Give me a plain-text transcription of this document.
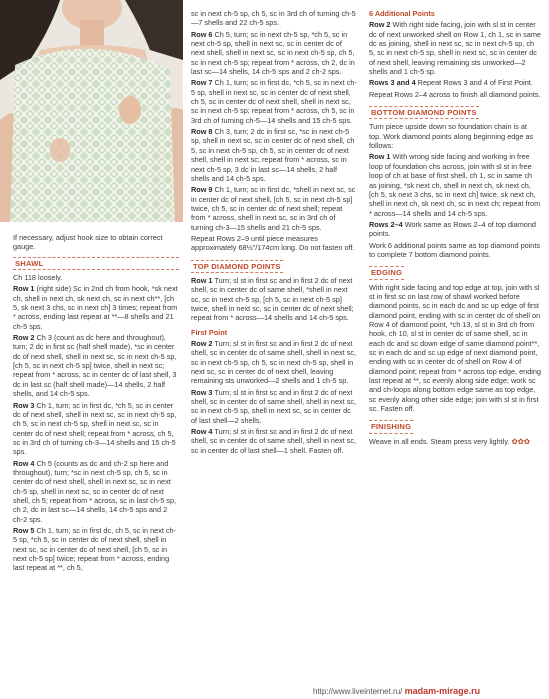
If necessary, adjust hook size to obtain correct gauge.

SHAWL

Ch 118 loosely.

Row 1 (right side) Sc in 2nd ch from hook, *sk next ch, shell in next ch, sk next ch, sc in next ch**, [ch 5, sk next 3 chs, sc in next ch] 3 times; repeat from * across, ending last repeat at **—8 shells and 21 ch-5 sps.

Row 2 Ch 3 (count as dc here and throughout), turn; 2 dc in first sc (half shell made), *sc in center dc of next shell, shell in next sc, sc in next ch-5 sp, [ch 5, sc in next ch-5 sp] twice, shell in next sc; repeat from * across, sc in center dc of last shell, 3 dc in last sc (half shell made)—14 shells, 2 half shells, and 14 ch-5 sps.

Row 3 Ch 1, turn; sc in first dc, *ch 5, sc in center dc of next shell, shell in next sc, sc in next ch-5 sp, ch 5, sc in next ch-5 sp, shell in next sc, sc in center dc of next shell; repeat from * across, ch 5, sc in 3rd ch of turning ch-3—14 shells and 15 ch-5 sps.

Row 4 Ch 5 (counts as dc and ch-2 sp here and throughout), turn; *sc in next ch-5 sp, ch 5, sc in center dc of next shell, shell in next sc, sc in next ch-5 sp, shell in next sc, sc in center dc of next shell, ch 5; repeat from * across, sc in last ch-5 sp, ch 2, dc in last sc—14 shells, 14 ch-5 sps and 2 ch-2 sps.

Row 5 Ch 1, turn; sc in first dc, ch 5, sc in next ch-5 sp, *ch 5, sc in center dc of next shell, shell in next sc, sc in center dc of next shell, [ch 5, sc in next ch-5 sp] twice; repeat from * across, ending last repeat at **, ch 5,

sc in next ch-5 sp, ch 5, sc in 3rd ch of turning ch-5—7 shells and 22 ch-5 sps.

Row 6 Ch 5, turn; sc in next ch-5 sp, *ch 5, sc in next ch-5 sp, shell in next sc, sc in center dc of next shell, shell in next sc, sc in next ch-5 sp, ch 5, sc in next ch-5 sp; repeat from * across, ch 2, dc in last sc—14 shells, 14 ch-5 sps and 2 ch-2 sps.

Row 7 Ch 1, turn; sc in first dc, *ch 5, sc in next ch-5 sp, shell in next sc, sc in center dc of next shell, ch 5, sc in center dc of next shell, shell in next sc, sc in next ch-5 sp; repeat from * across, ch 5, sc in 3rd ch of turning ch-5—14 shells and 15 ch-5 sps.

Row 8 Ch 3, turn; 2 dc in first sc, *sc in next ch-5 sp, shell in next sc, sc in center dc of next shell, ch 5, sc in next ch-5 sp, ch 5, sc in center dc of next shell, shell in next sc; repeat from * across, sc in next ch-5 sp, 3 dc in last sc—14 shells, 2 half shells and 14 ch-5 sps.

Row 9 Ch 1, turn; sc in first dc, *shell in next sc, sc in center dc of next shell, [ch 5, sc in next ch-5 sp] twice, ch 5, sc in center dc of next shell; repeat from * across, shell in next sc, sc in 3rd ch of turning ch-3—15 shells and 21 ch-5 sps.

Repeat Rows 2–9 until piece measures approximately 68½"/174cm long. Do not fasten off.

TOP DIAMOND POINTS

Row 1 Turn; sl st in first sc and in first 2 dc of next shell, sc in center dc of same shell, *shell in next sc, sc in next ch-5 sp, [ch 5, sc in next ch-5 sp] twice, shell in next sc, sc in center dc of next shell; repeat from * across—14 shells and 14 ch-5 sps.

First Point

Row 2 Turn; sl st in first sc and in first 2 dc of next shell, sc in center dc of same shell, shell in next sc, sc in next ch-5 sp, ch 5, sc in next ch-5 sp, shell in next sc, sc in center dc of next shell, leaving remaining sts unworked—2 shells and 1 ch-5 sp.

Row 3 Turn; sl st in first sc and in first 2 dc of next shell, sc in center dc of same shell, shell in next sc, sc in next ch-5 sp, shell in next sc, sc in center dc of last shell—2 shells.

Row 4 Turn; sl st in first sc and in first 2 dc of next shell, sc in center dc of same shell, shell in next sc, sc in center dc of last shell—1 shell. Fasten off.

6 Additional Points

Row 2 With right side facing, join with sl st in center dc of next unworked shell on Row 1, ch 1, sc in same dc as joining, shell in next sc, sc in next ch-5 sp, ch 5, sc in next ch-5 sp, shell in next sc, sc in center dc of next shell, leaving remaining sts unworked—2 shells and 1 ch-5 sp.

Rows 3 and 4 Repeat Rows 3 and 4 of First Point.

Repeat Rows 2–4 across to finish all diamond points.

BOTTOM DIAMOND POINTS

Turn piece upside down so foundation chain is at top. Work diamond points along beginning edge as follows:

Row 1 With wrong side facing and working in free loop of foundation chs across, join with sl st in free loop of ch at base of first shell, ch 1, sc in same ch as joining, *sk next ch, shell in next ch, sk next ch, [ch 5, sk next 3 chs, sc in next ch] twice, sk next ch, shell in next ch, sk next ch, sc in next ch; repeat from * across—14 shells and 14 ch-5 sps.

Rows 2–4 Work same as Rows 2–4 of top diamond points.

Work 6 additional points same as top diamond points to complete 7 bottom diamond points.

EDGING

With right side facing and top edge at top, join with sl st in first sc on last row of shawl worked before diamond points, sc in each dc and sc up edge of first diamond point, ending with sc in center dc of shell on Row 4 of diamond point, *ch 13, sl st in 3rd ch from hook, ch 10, sl st in center dc of same shell, sc in each dc and sc down edge of same diamond point**, sc in each dc and sc up edge of next diamond point, ending with sc in center dc of shell on Row 4 of diamond point; repeat from * across top edge, ending last repeat at **, sc evenly along side edge; work sc and ch-loops along bottom edge same as top edge, sc evenly along other side edge; join with sl st in first sc. Fasten off.

FINISHING

Weave in all ends. Steam press very lightly. ✿✿✿

http://www.liveinternet.ru/ madam-mirage.ru
